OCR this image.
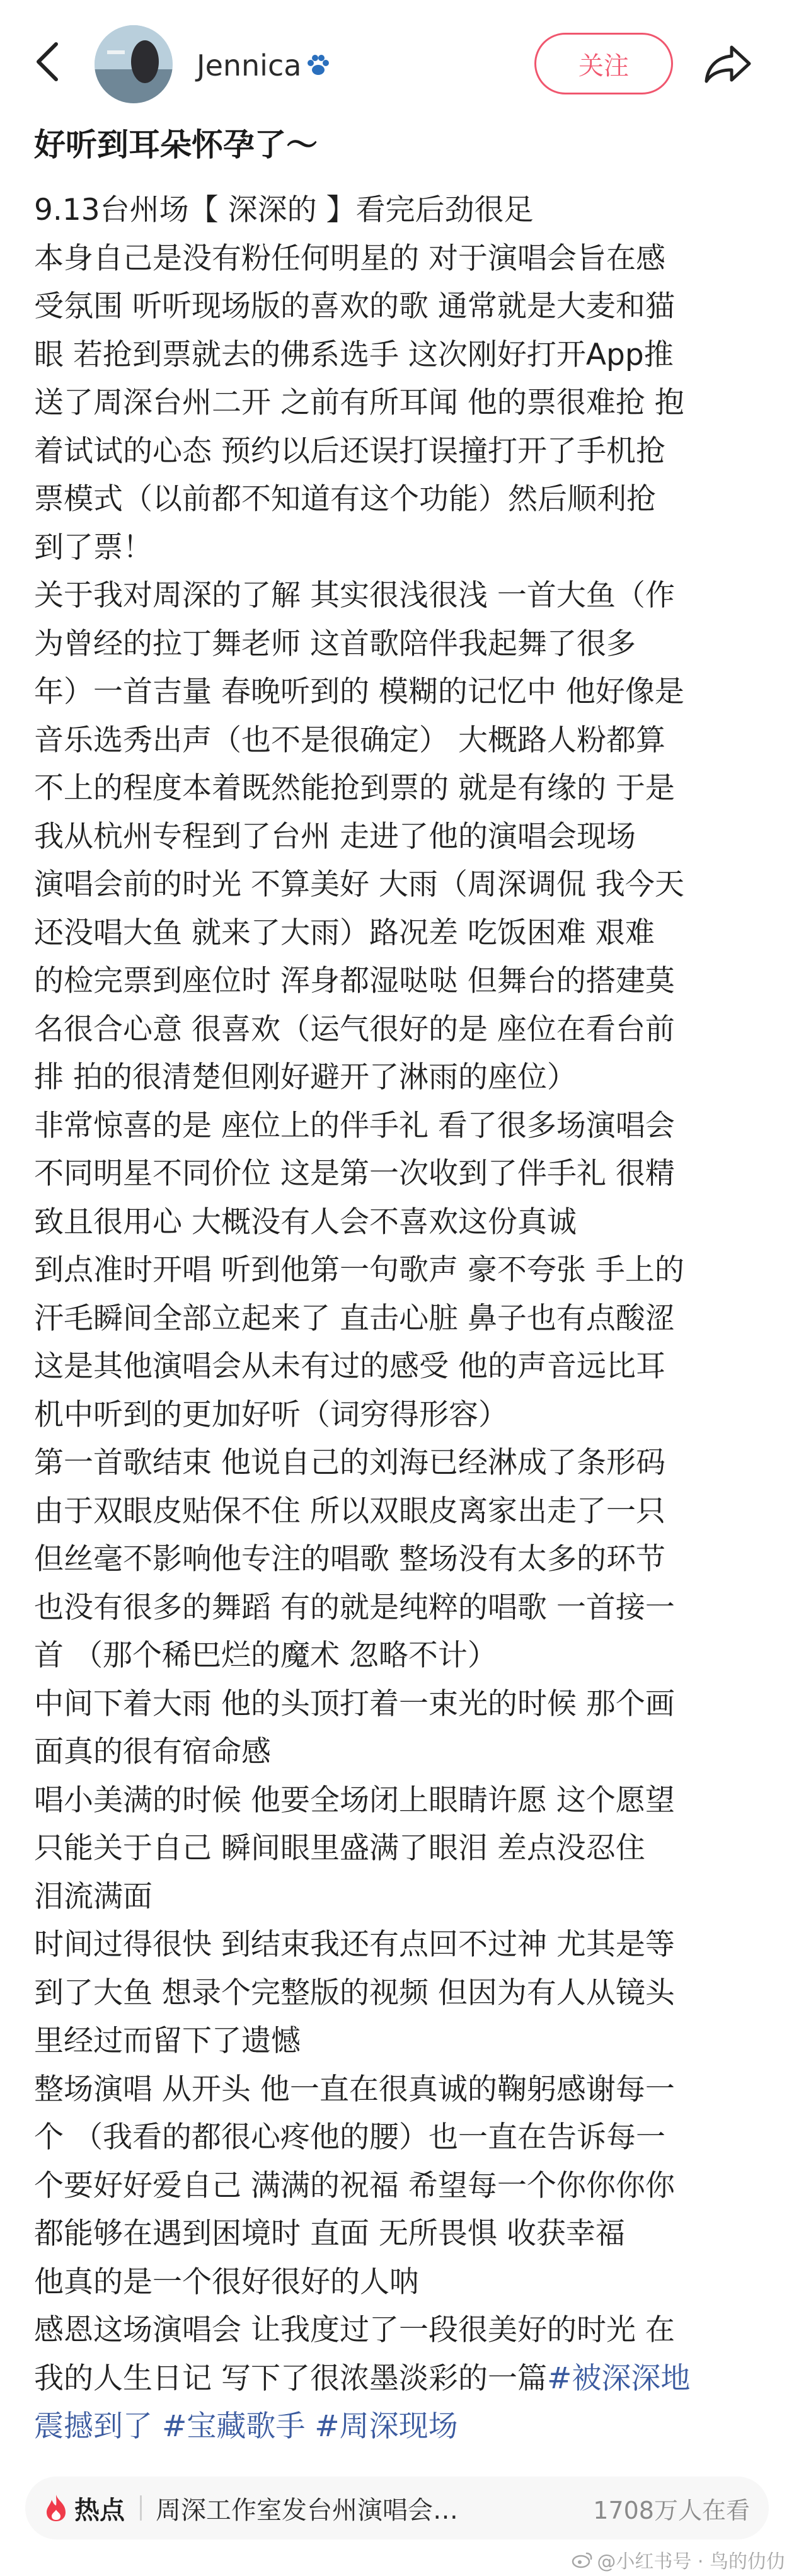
Jennica	关注
好听到耳朵怀孕了～
9.13台州场【 深深的 】看完后劲很足
本身自己是没有粉任何明星的 对于演唱会旨在感
受氛围 听听现场版的喜欢的歌 通常就是大麦和猫
眼 若抢到票就去的佛系选手 这次刚好打开App推
送了周深台州二开 之前有所耳闻 他的票很难抢 抱
着试试的心态 预约以后还误打误撞打开了手机抢
票模式（以前都不知道有这个功能）然后顺利抢
到了票！
关于我对周深的了解 其实很浅很浅 一首大鱼（作
为曾经的拉丁舞老师 这首歌陪伴我起舞了很多
年）一首吉量 春晚听到的 模糊的记忆中 他好像是
音乐选秀出声（也不是很确定） 大概路人粉都算
不上的程度本着既然能抢到票的 就是有缘的 于是
我从杭州专程到了台州 走进了他的演唱会现场
演唱会前的时光 不算美好 大雨（周深调侃 我今天
还没唱大鱼 就来了大雨）路况差 吃饭困难 艰难
的检完票到座位时 浑身都湿哒哒 但舞台的搭建莫
名很合心意 很喜欢（运气很好的是 座位在看台前
排 拍的很清楚但刚好避开了淋雨的座位）
非常惊喜的是 座位上的伴手礼 看了很多场演唱会
不同明星不同价位 这是第一次收到了伴手礼 很精
致且很用心 大概没有人会不喜欢这份真诚
到点准时开唱 听到他第一句歌声 豪不夸张 手上的
汗毛瞬间全部立起来了 直击心脏 鼻子也有点酸涩
这是其他演唱会从未有过的感受 他的声音远比耳
机中听到的更加好听（词穷得形容）
第一首歌结束 他说自己的刘海已经淋成了条形码
由于双眼皮贴保不住 所以双眼皮离家出走了一只
但丝毫不影响他专注的唱歌 整场没有太多的环节
也没有很多的舞蹈 有的就是纯粹的唱歌 一首接一
首 （那个稀巴烂的魔术 忽略不计）
中间下着大雨 他的头顶打着一束光的时候 那个画
面真的很有宿命感
唱小美满的时候 他要全场闭上眼睛许愿 这个愿望
只能关于自己 瞬间眼里盛满了眼泪 差点没忍住
泪流满面
时间过得很快 到结束我还有点回不过神 尤其是等
到了大鱼 想录个完整版的视频 但因为有人从镜头
里经过而留下了遗憾
整场演唱 从开头 他一直在很真诚的鞠躬感谢每一
个 （我看的都很心疼他的腰）也一直在告诉每一
个要好好爱自己 满满的祝福 希望每一个你你你你
都能够在遇到困境时 直面 无所畏惧 收获幸福
他真的是一个很好很好的人呐
感恩这场演唱会 让我度过了一段很美好的时光 在
我的人生日记 写下了很浓墨淡彩的一篇#被深深地
震撼到了 #宝藏歌手 #周深现场
热点 周深工作室发台州演唱会…	1708万人在看
@小红书号 · 鸟的仂仂
